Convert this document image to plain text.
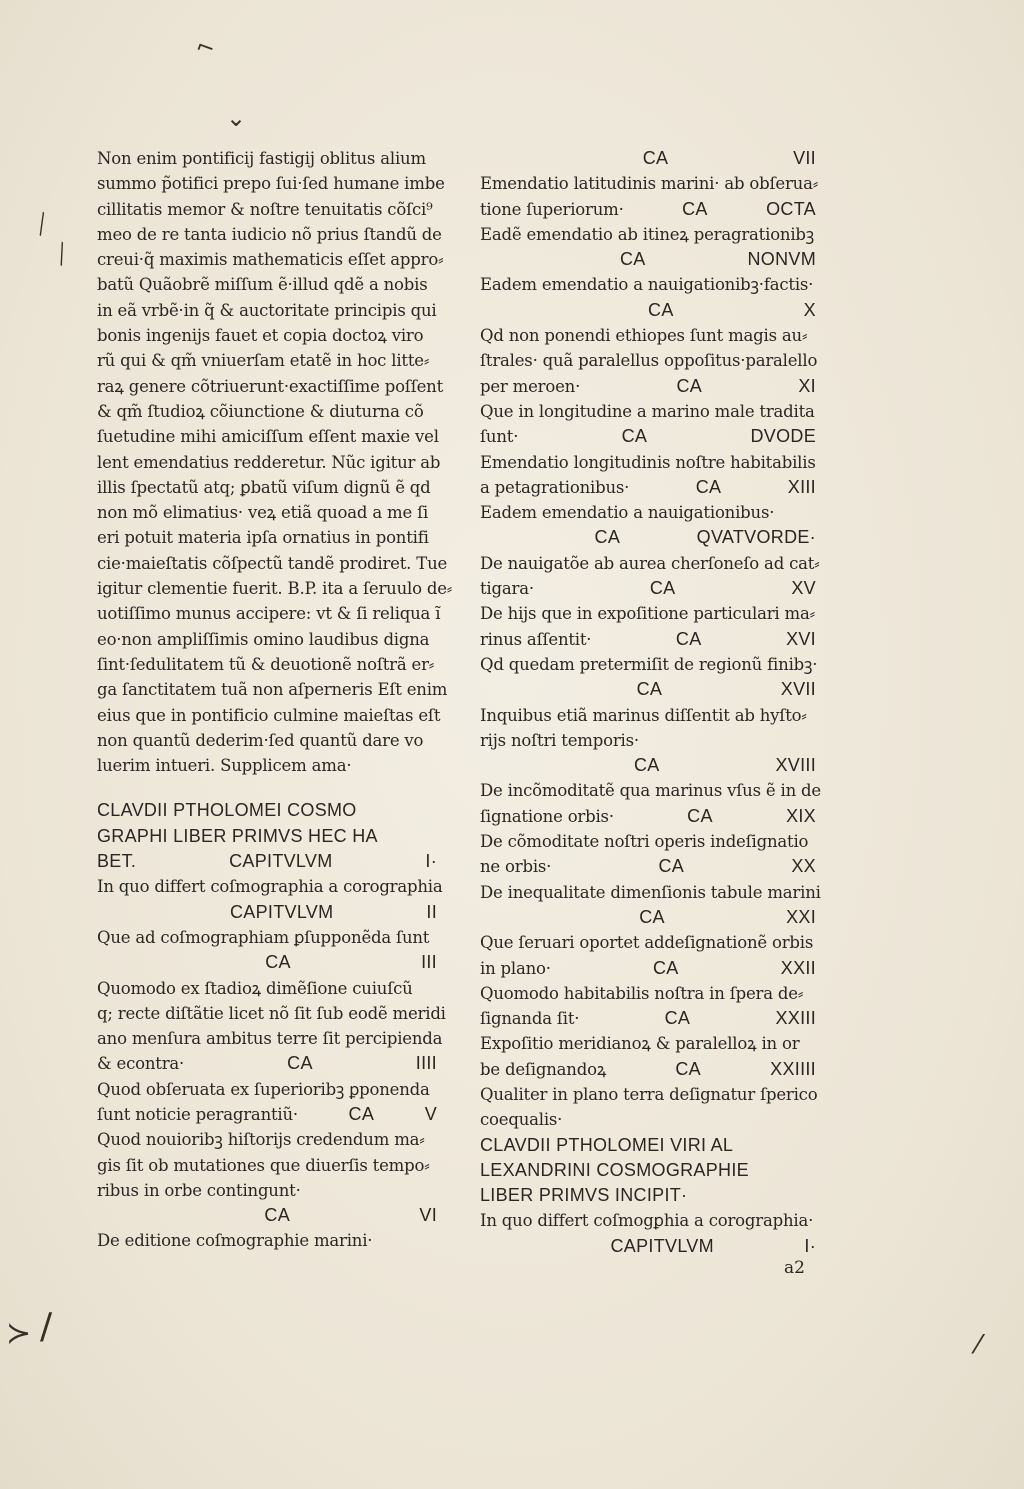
⌐
⌄
╲
╲
≻ /	⁄
Non enim pontificij fastigij oblitus alium
summo p̃otifici prepo ſui·ſed humane imbe
cillitatis memor & noſtre tenuitatis cõſci⁹
meo de re tanta iudicio nõ prius ſtandũ de
creui·q̃ maximis mathematicis eſſet appro⸗
batũ Quãobrẽ miſſum ẽ·illud qdẽ a nobis
in eã vrbẽ·in q̃ & auctoritate principis qui
bonis ingenijs fauet et copia doctoꝝ viro
rũ qui & qm̃ vniuerſam etatẽ in hoc litte⸗
raꝝ genere cõtriuerunt·exactiſſime poſſent
& qm̃ ſtudioꝝ cõiunctione & diuturna cõ
ſuetudine mihi amiciſſum eſſent maxie vel
lent emendatius redderetur. Nũc igitur ab
illis ſpectatũ atq; ꝑbatũ viſum dignũ ẽ qd
non mõ elimatius· veꝝ etiã quoad a me ſi
eri potuit materia ipſa ornatius in pontifi
cie·maieſtatis cõſpectũ tandẽ prodiret. Tue
igitur clementie fuerit. B.P. ita a ſeruulo de⸗
uotiſſimo munus accipere: vt & ſi reliqua ĩ
eo·non ampliſſimis omino laudibus digna
ſint·ſedulitatem tũ & deuotionẽ noſtrã er⸗
ga ſanctitatem tuã non aſperneris Eſt enim
eius que in pontificio culmine maieſtas eſt
non quantũ dederim·ſed quantũ dare vo
luerim intueri. Supplicem ama·
CLAVDII PTHOLOMEI COSMO
GRAPHI LIBER PRIMVS HEC HA
BET.	CAPITVLVM	I·
In quo differt coſmographia a corographia
CAPITVLVM	II
Que ad coſmographiam ꝑſupponẽda ſunt
CA	III
Quomodo ex ſtadioꝝ dimẽſione cuiuſcũ
q; recte diſtãtie licet nõ ſit ſub eodẽ meridi
ano menſura ambitus terre ſit percipienda
& econtra·	CA	IIII
Quod obſeruata ex ſuperioribꝫ ꝑponenda
ſunt noticie peragrantiũ·	CA	V
Quod nouioribꝫ hiſtorijs credendum ma⸗
gis ſit ob mutationes que diuerſis tempo⸗
ribus in orbe contingunt·
CA	VI
De editione coſmographie marini·
CA	VII
Emendatio latitudinis marini· ab obſerua⸗
tione ſuperiorum·	CA	OCTA
Eadẽ emendatio ab itineꝝ peragrationibꝫ
CA	NONVM
Eadem emendatio a nauigationibꝫ·factis·
CA	X
Qd non ponendi ethiopes ſunt magis au⸗
ſtrales· quã paralellus oppoſitus·paralello
per meroen·	CA	XI
Que in longitudine a marino male tradita
ſunt·	CA	DVODE
Emendatio longitudinis noſtre habitabilis
a petagrationibus·	CA	XIII
Eadem emendatio a nauigationibus·
CA	QVATVORDE·
De nauigatõe ab aurea cherſoneſo ad cat⸗
tigara·	CA	XV
De hijs que in expoſitione particulari ma⸗
rinus aſſentit·	CA	XVI
Qd quedam pretermiſit de regionũ finibꝫ·
CA	XVII
Inquibus etiã marinus diſſentit ab hyſto⸗
rijs noſtri temporis·
CA	XVIII
De incõmoditatẽ qua marinus vſus ẽ in de
ſignatione orbis·	CA	XIX
De cõmoditate noſtri operis indeſignatio
ne orbis·	CA	XX
De inequalitate dimenſionis tabule marini
CA	XXI
Que ſeruari oportet addeſignationẽ orbis
in plano·	CA	XXII
Quomodo habitabilis noſtra in ſpera de⸗
ſignanda ſit·	CA	XXIII
Expoſitio meridianoꝝ & paralelloꝝ in or
be deſignandoꝝ	CA	XXIIII
Qualiter in plano terra deſignatur ſperico
coequalis·
CLAVDII PTHOLOMEI VIRI AL
LEXANDRINI COSMOGRAPHIE
LIBER PRIMVS INCIPIT·
In quo differt coſmogꝑhia a corographia·
CAPITVLVM	I·
a2
